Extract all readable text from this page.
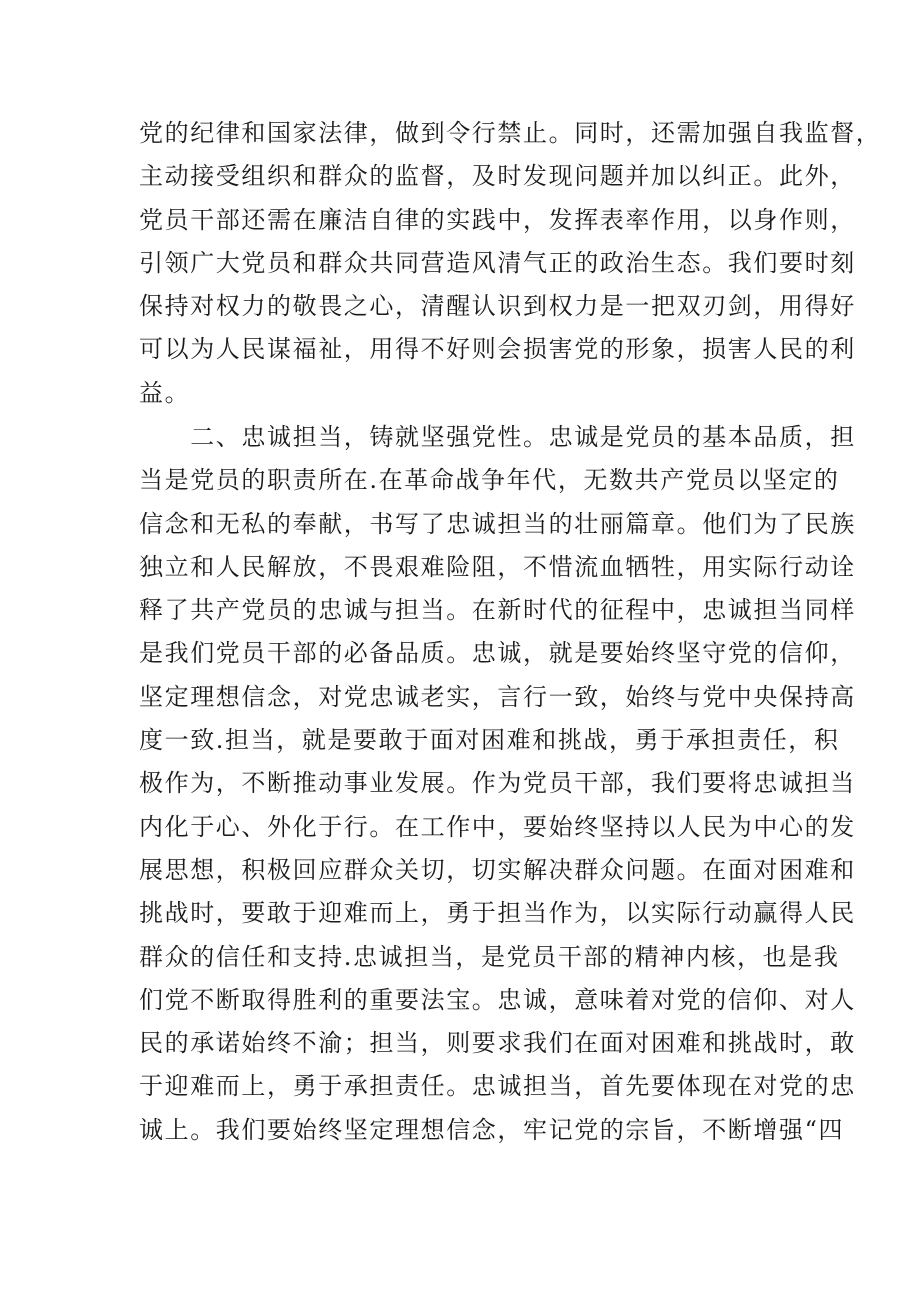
党的纪律和国家法律，做到令行禁止。同时，还需加强自我监督，
主动接受组织和群众的监督，及时发现问题并加以纠正。此外，
党员干部还需在廉洁自律的实践中，发挥表率作用，以身作则，
引领广大党员和群众共同营造风清气正的政治生态。我们要时刻
保持对权力的敬畏之心，清醒认识到权力是一把双刃剑，用得好
可以为人民谋福祉，用得不好则会损害党的形象，损害人民的利
益。
　　二、忠诚担当，铸就坚强党性。忠诚是党员的基本品质，担
当是党员的职责所在.在革命战争年代，无数共产党员以坚定的
信念和无私的奉献，书写了忠诚担当的壮丽篇章。他们为了民族
独立和人民解放，不畏艰难险阻，不惜流血牺牲，用实际行动诠
释了共产党员的忠诚与担当。在新时代的征程中，忠诚担当同样
是我们党员干部的必备品质。忠诚，就是要始终坚守党的信仰，
坚定理想信念，对党忠诚老实，言行一致，始终与党中央保持高
度一致.担当，就是要敢于面对困难和挑战，勇于承担责任，积
极作为，不断推动事业发展。作为党员干部，我们要将忠诚担当
内化于心、外化于行。在工作中，要始终坚持以人民为中心的发
展思想，积极回应群众关切，切实解决群众问题。在面对困难和
挑战时，要敢于迎难而上，勇于担当作为，以实际行动赢得人民
群众的信任和支持.忠诚担当，是党员干部的精神内核，也是我
们党不断取得胜利的重要法宝。忠诚，意味着对党的信仰、对人
民的承诺始终不渝；担当，则要求我们在面对困难和挑战时，敢
于迎难而上，勇于承担责任。忠诚担当，首先要体现在对党的忠
诚上。我们要始终坚定理想信念，牢记党的宗旨，不断增强“四
